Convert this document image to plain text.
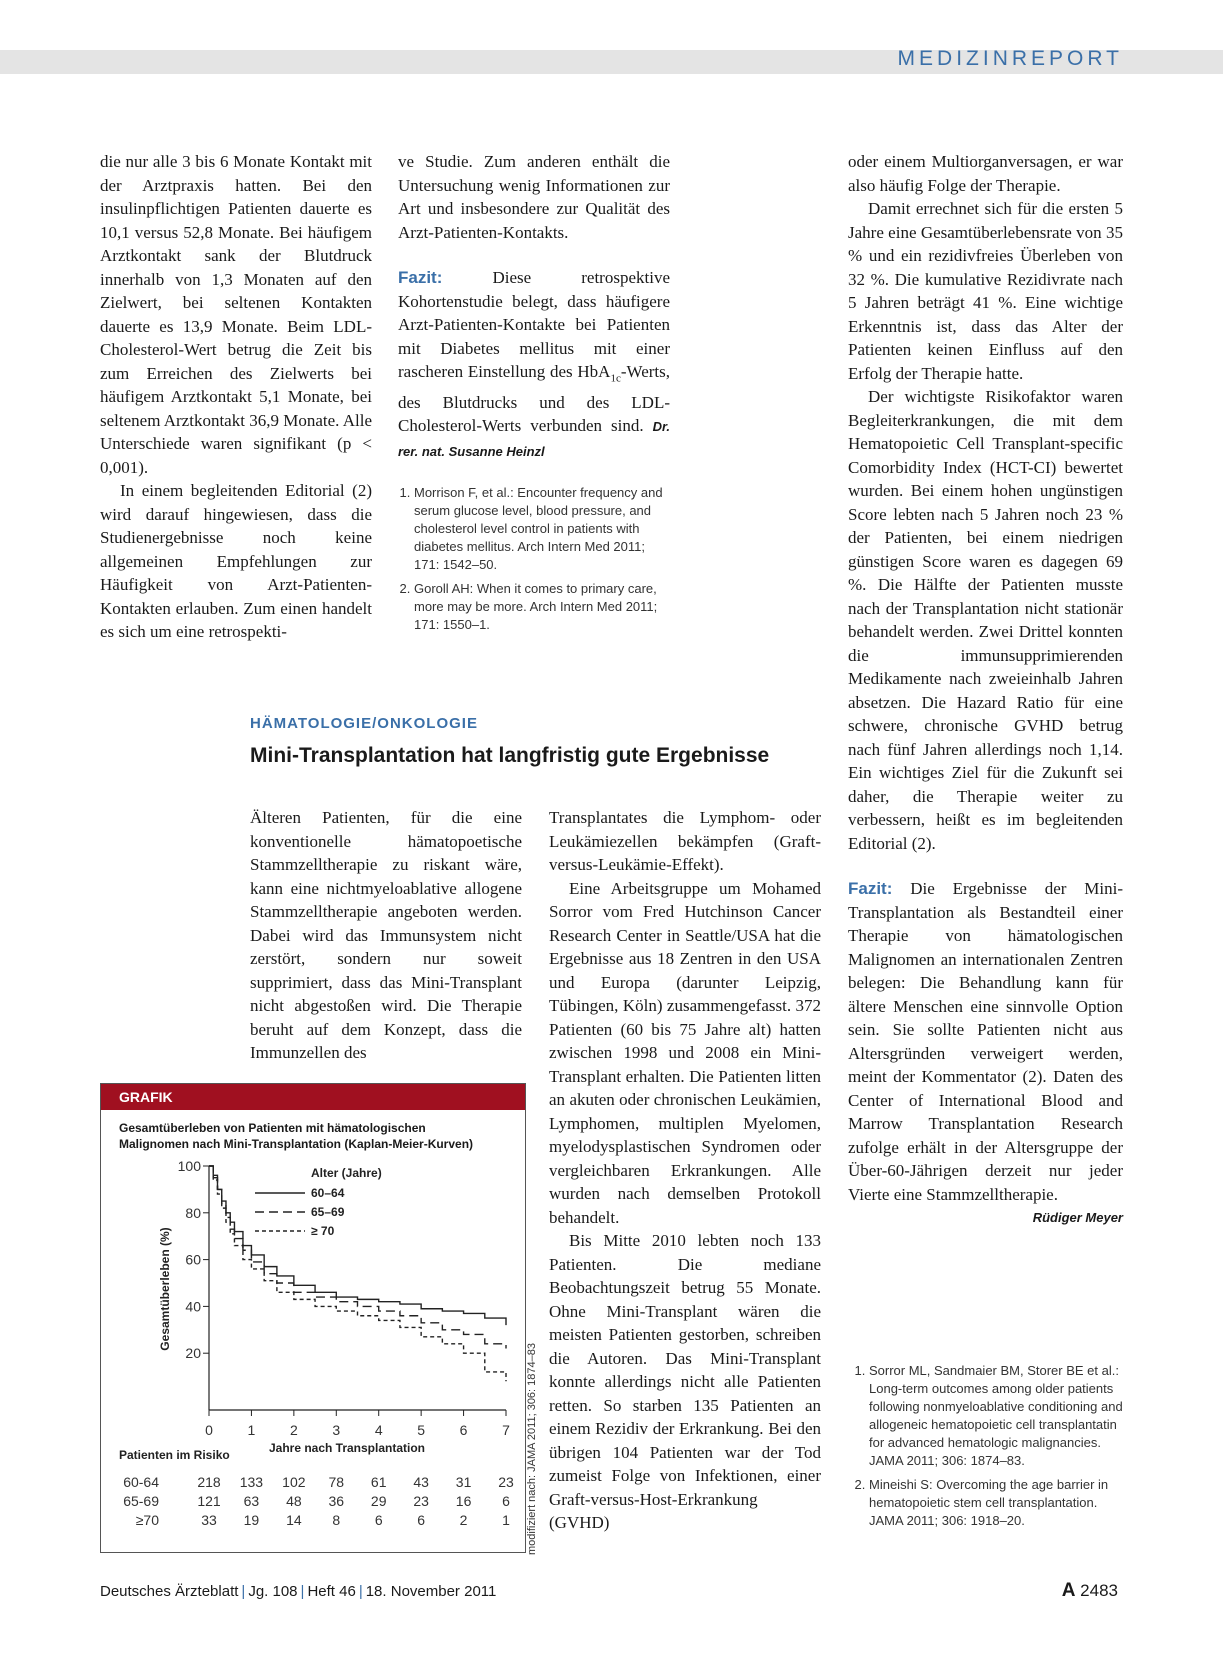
MEDIZINREPORT

die nur alle 3 bis 6 Monate Kontakt mit der Arztpraxis hatten. Bei den insulinpflichtigen Patienten dauerte es 10,1 versus 52,8 Monate. Bei häufigem Arztkontakt sank der Blutdruck innerhalb von 1,3 Monaten auf den Zielwert, bei seltenen Kontakten dauerte es 13,9 Monate. Beim LDL-Cholesterol-Wert betrug die Zeit bis zum Erreichen des Zielwerts bei häufigem Arztkontakt 5,1 Monate, bei seltenem Arztkontakt 36,9 Monate. Alle Unterschiede waren signifikant (p < 0,001).

In einem begleitenden Editorial (2) wird darauf hingewiesen, dass die Studienergebnisse noch keine allgemeinen Empfehlungen zur Häufigkeit von Arzt-Patienten-Kontakten erlauben. Zum einen handelt es sich um eine retrospekti-

ve Studie. Zum anderen enthält die Untersuchung wenig Informationen zur Art und insbesondere zur Qualität des Arzt-Patienten-Kontakts.

Fazit:	Diese retrospektive Kohortenstudie belegt, dass häufigere Arzt-Patienten-Kontakte bei Patienten mit Diabetes mellitus mit einer rascheren Einstellung des HbA$_{1c}$-Werts, des Blutdrucks und des LDL-Cholesterol-Werts verbunden sind. Dr. rer. nat. Susanne Heinzl

1. Morrison F, et al.: Encounter frequency and serum glucose level, blood pressure, and cholesterol level control in patients with diabetes mellitus. Arch Intern Med 2011; 171: 1542–50.
2. Goroll AH: When it comes to primary care, more may be more. Arch Intern Med 2011; 171: 1550–1.
HÄMATOLOGIE/ONKOLOGIE
Mini-Transplantation hat langfristig gute Ergebnisse

Älteren Patienten, für die eine konventionelle hämatopoetische Stammzelltherapie zu riskant wäre, kann eine nichtmyeloablative allogene Stammzelltherapie angeboten werden. Dabei wird das Immunsystem nicht zerstört, sondern nur soweit supprimiert, dass das Mini-Transplant nicht abgestoßen wird. Die Therapie beruht auf dem Konzept, dass die Immunzellen des

Transplantates die Lymphom- oder Leukämiezellen bekämpfen (Graft-versus-Leukämie-Effekt).

Eine Arbeitsgruppe um Mohamed Sorror vom Fred Hutchinson Cancer Research Center in Seattle/USA hat die Ergebnisse aus 18 Zentren in den USA und Europa (darunter Leipzig, Tübingen, Köln) zusammengefasst. 372 Patienten (60 bis 75 Jahre alt) hatten zwischen 1998 und 2008 ein Mini-Transplant erhalten. Die Patienten litten an akuten oder chronischen Leukämien, Lymphomen, multiplen Myelomen, myelodysplastischen Syndromen oder vergleichbaren Erkrankungen. Alle wurden nach demselben Protokoll behandelt.

Bis Mitte 2010 lebten noch 133 Patienten. Die mediane Beobachtungszeit betrug 55 Monate. Ohne Mini-Transplant wären die meisten Patienten gestorben, schreiben die Autoren. Das Mini-Transplant konnte allerdings nicht alle Patienten retten. So starben 135 Patienten an einem Rezidiv der Erkrankung. Bei den übrigen 104 Patienten war der Tod zumeist Folge von Infektionen, einer Graft-versus-Host-Erkrankung (GVHD)

oder einem Multiorganversagen, er war also häufig Folge der Therapie.

Damit errechnet sich für die ersten 5 Jahre eine Gesamtüberlebensrate von 35 % und ein rezidivfreies Überleben von 32 %. Die kumulative Rezidivrate nach 5 Jahren beträgt 41 %. Eine wichtige Erkenntnis ist, dass das Alter der Patienten keinen Einfluss auf den Erfolg der Therapie hatte.

Der wichtigste Risikofaktor waren Begleiterkrankungen, die mit dem Hematopoietic Cell Transplant-specific Comorbidity Index (HCT-CI) bewertet wurden. Bei einem hohen ungünstigen Score lebten nach 5 Jahren noch 23 % der Patienten, bei einem niedrigen günstigen Score waren es dagegen 69 %. Die Hälfte der Patienten musste nach der Transplantation nicht stationär behandelt werden. Zwei Drittel konnten die immunsupprimierenden Medikamente nach zweieinhalb Jahren absetzen. Die Hazard Ratio für eine schwere, chronische GVHD betrug nach fünf Jahren allerdings noch 1,14. Ein wichtiges Ziel für die Zukunft sei daher, die Therapie weiter zu verbessern, heißt es im begleitenden Editorial (2).

Fazit: Die Ergebnisse der Mini-Transplantation als Bestandteil einer Therapie von hämatologischen Malignomen an internationalen Zentren belegen: Die Behandlung kann für ältere Menschen eine sinnvolle Option sein. Sie sollte Patienten nicht aus Altersgründen verweigert werden, meint der Kommentator (2). Daten des Center of International Blood and Marrow Transplantation Research zufolge erhält in der Altersgruppe der Über-60-Jährigen derzeit nur jeder Vierte eine Stammzelltherapie.

Rüdiger Meyer
1. Sorror ML, Sandmaier BM, Storer BE et al.: Long-term outcomes among older patients following nonmyeloablative conditioning and allogeneic hematopoietic cell transplantatin for advanced hematologic malignancies. JAMA 2011; 306: 1874–83.
2. Mineishi S: Overcoming the age barrier in hematopoietic stem cell transplantation. JAMA 2011; 306: 1918–20.
GRAFIK
Gesamtüberleben von Patienten mit hämatologischen
Malignomen nach Mini-Transplantation (Kaplan-Meier-Kurven)
100
80
60
40
20
0 1 2 3 4 5 6 7
Jahre nach Transplantation
Gesamtüberleben (%)
Alter (Jahre)
60–64
65–69
≥ 70
Patienten im Risiko
60-64	218 133 102 78 61 43 31 23
65-69	121 63 48 36 29 23 16 6
≥70	33 19 14 8 6 6 2 1 modifiziert nach: JAMA 2011; 306: 1874–83
Deutsches Ärzteblatt | Jg. 108 | Heft 46 | 18. November 2011	A 2483
